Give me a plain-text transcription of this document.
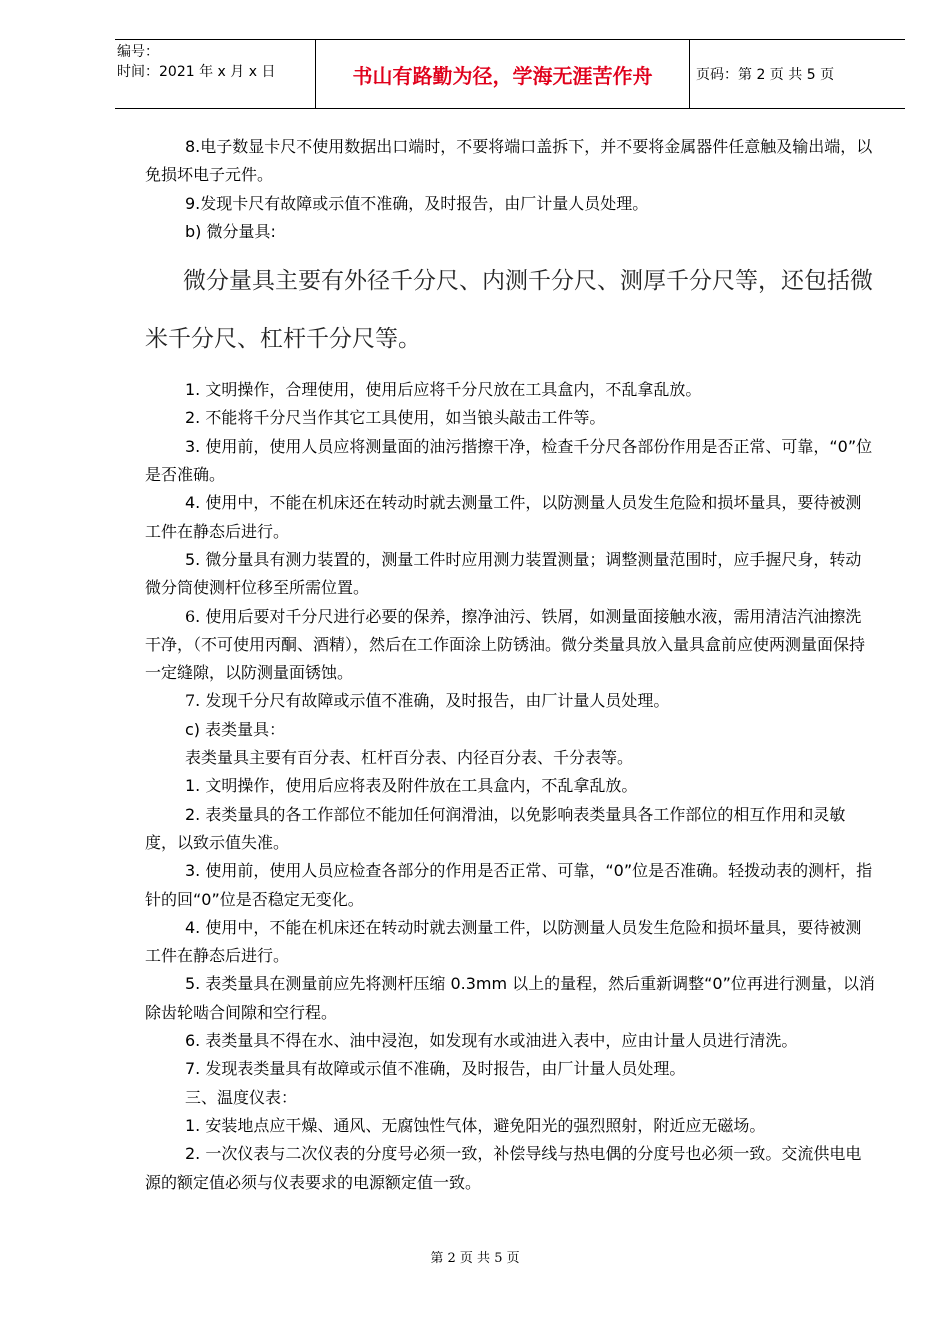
编号：
时间：2021 年 x 月 x 日	书山有路勤为径，学海无涯苦作舟	页码：第 2 页 共 5 页

8.电子数显卡尺不使用数据出口端时，不要将端口盖拆下，并不要将金属器件任意触及输出端，以免损坏电子元件。

9.发现卡尺有故障或示值不准确，及时报告，由厂计量人员处理。

b) 微分量具:

微分量具主要有外径千分尺、内测千分尺、测厚千分尺等，还包括微米千分尺、杠杆千分尺等。

1. 文明操作，合理使用，使用后应将千分尺放在工具盒内，不乱拿乱放。

2. 不能将千分尺当作其它工具使用，如当锒头敲击工件等。

3. 使用前，使用人员应将测量面的油污揩擦干净，检查千分尺各部份作用是否正常、可靠，“0”位是否准确。

4. 使用中，不能在机床还在转动时就去测量工件，以防测量人员发生危险和损坏量具，要待被测工件在静态后进行。

5. 微分量具有测力装置的，测量工件时应用测力装置测量；调整测量范围时，应手握尺身，转动微分筒使测杆位移至所需位置。

6. 使用后要对千分尺进行必要的保养，擦净油污、铁屑，如测量面接触水液，需用清洁汽油擦洗干净，（不可使用丙酮、酒精），然后在工作面涂上防锈油。微分类量具放入量具盒前应使两测量面保持一定缝隙，以防测量面锈蚀。

7. 发现千分尺有故障或示值不准确，及时报告，由厂计量人员处理。

c) 表类量具：

表类量具主要有百分表、杠杆百分表、内径百分表、千分表等。

1. 文明操作，使用后应将表及附件放在工具盒内，不乱拿乱放。

2. 表类量具的各工作部位不能加任何润滑油，以免影响表类量具各工作部位的相互作用和灵敏度，以致示值失准。

3. 使用前，使用人员应检查各部分的作用是否正常、可靠，“0”位是否准确。轻拨动表的测杆，指针的回“0”位是否稳定无变化。

4. 使用中，不能在机床还在转动时就去测量工件，以防测量人员发生危险和损坏量具，要待被测工件在静态后进行。

5. 表类量具在测量前应先将测杆压缩 0.3mm 以上的量程，然后重新调整“0”位再进行测量，以消除齿轮啮合间隙和空行程。

6. 表类量具不得在水、油中浸泡，如发现有水或油进入表中，应由计量人员进行清洗。

7. 发现表类量具有故障或示值不准确，及时报告，由厂计量人员处理。

三、温度仪表：

1. 安装地点应干燥、通风、无腐蚀性气体，避免阳光的强烈照射，附近应无磁场。

2. 一次仪表与二次仪表的分度号必须一致，补偿导线与热电偶的分度号也必须一致。交流供电电源的额定值必须与仪表要求的电源额定值一致。

第 2 页 共 5 页
